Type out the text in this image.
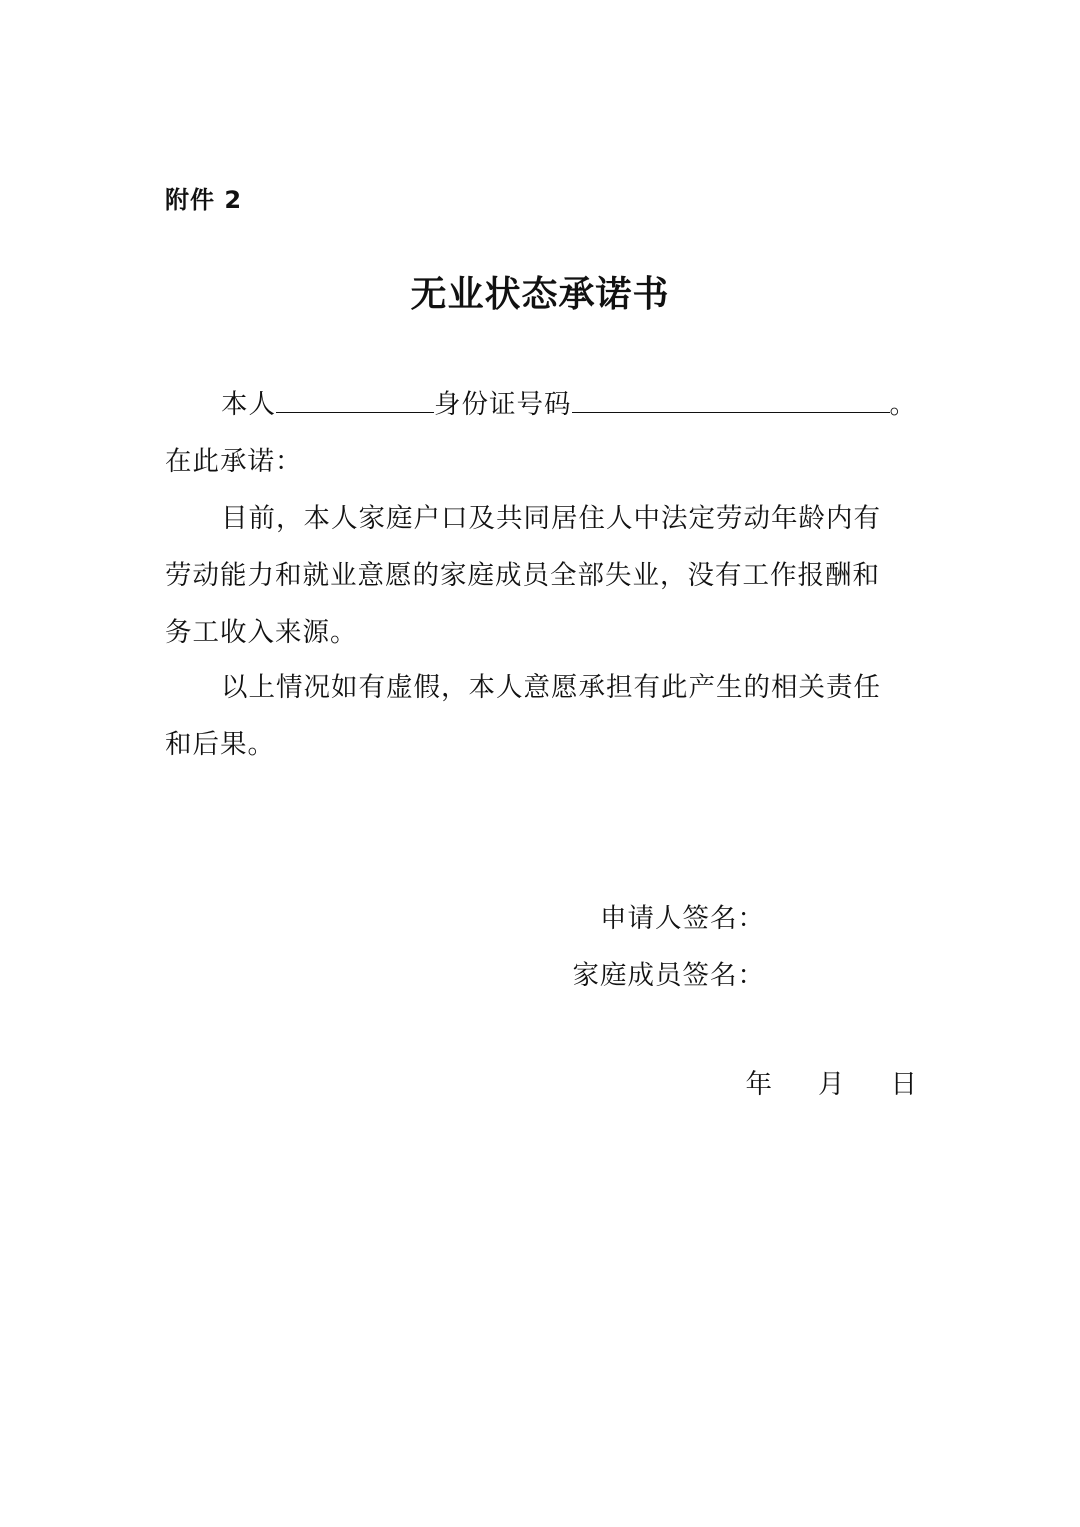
附件 2
无业状态承诺书
本人	身份证号码	。
在此承诺：
目前，本人家庭户口及共同居住人中法定劳动年龄内有
劳动能力和就业意愿的家庭成员全部失业，没有工作报酬和
务工收入来源。
以上情况如有虚假，本人意愿承担有此产生的相关责任
和后果。
申请人签名：
家庭成员签名：
年 月 日
